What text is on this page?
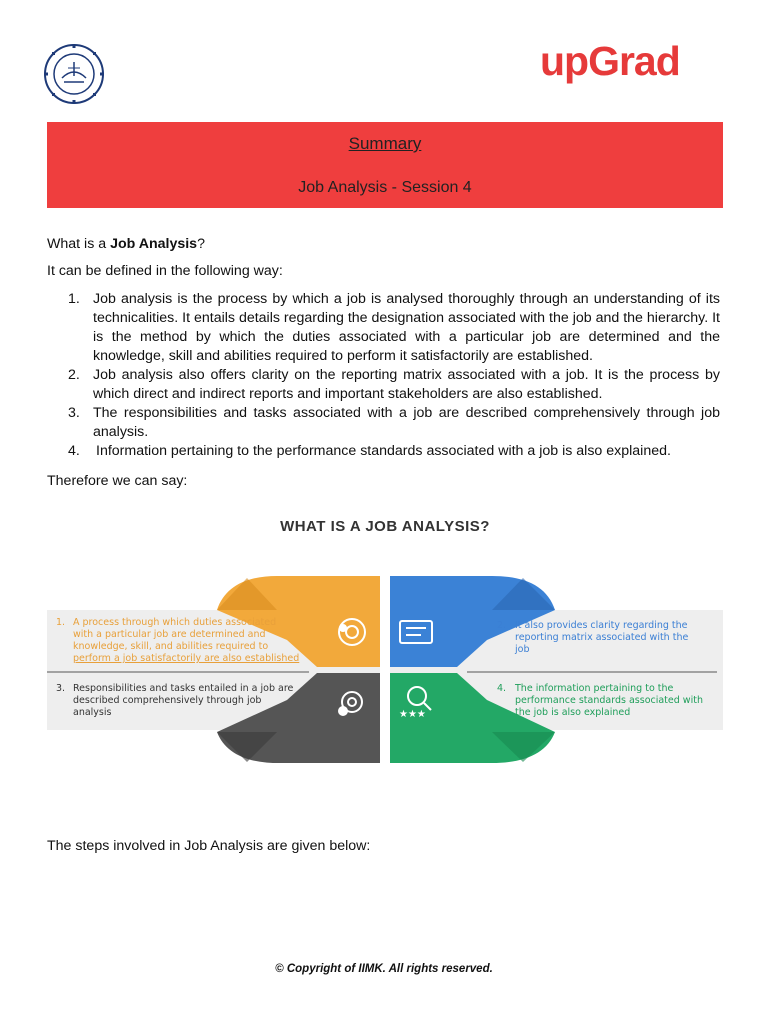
upGrad
Summary
Job Analysis - Session 4
What is a Job Analysis?
It can be defined in the following way:
1. Job analysis is the process by which a job is analysed thoroughly through an understanding of its technicalities. It entails details regarding the designation associated with the job and the hierarchy. It is the method by which the duties associated with a particular job are determined and the knowledge, skill and abilities required to perform it satisfactorily are established.
2. Job analysis also offers clarity on the reporting matrix associated with a job. It is the process by which direct and indirect reports and important stakeholders are also established.
3. The responsibilities and tasks associated with a job are described comprehensively through job analysis.
4. Information pertaining to the performance standards associated with a job is also explained.
Therefore we can say:
WHAT IS A JOB ANALYSIS?
★★★
1. A process through which duties associated
with a particular job are determined and
knowledge, skill, and abilities required to
perform a job satisfactorily are also established
2. It also provides clarity regarding the
reporting matrix associated with the
job
3. Responsibilities and tasks entailed in a job are
described comprehensively through job
analysis
4. The information pertaining to the
performance standards associated with
the job is also explained
The steps involved in Job Analysis are given below:
© Copyright of IIMK. All rights reserved.
